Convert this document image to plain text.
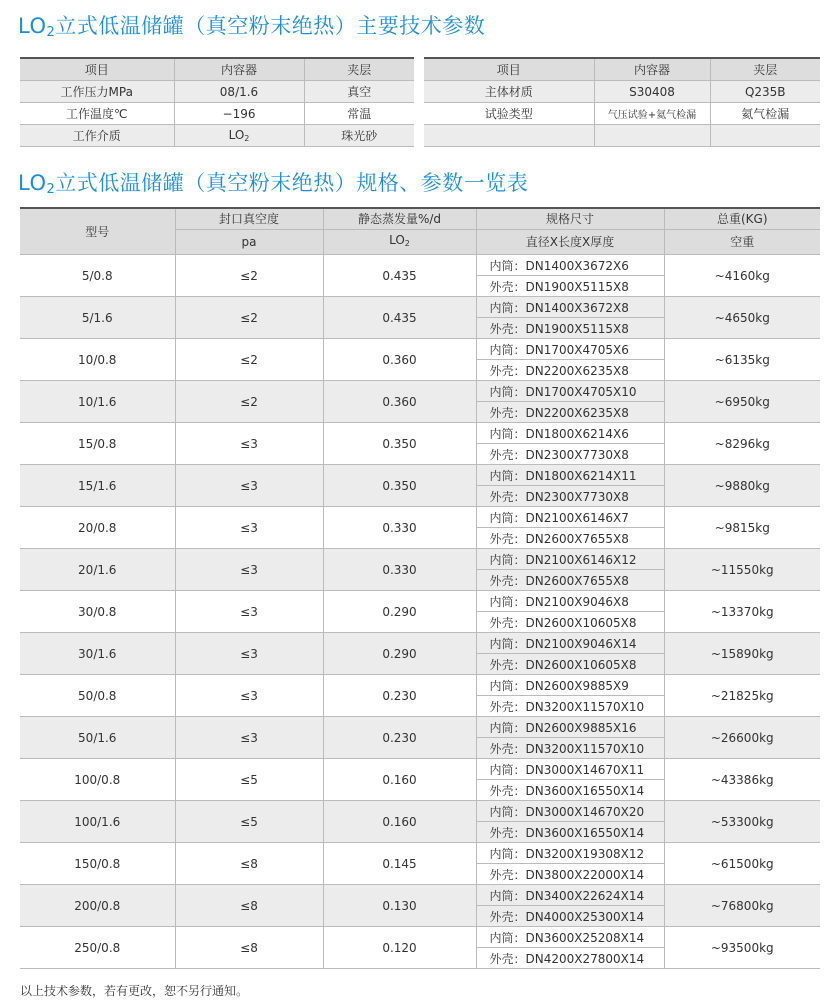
$LO_2$立式低温储罐（真空粉末绝热）主要技术参数
项目	内容器	夹层
工作压力MPa	08/1.6	真空
工作温度℃	−196	常温
工作介质	$LO_2$	珠光砂
项目	内容器	夹层
主体材质	S30408	Q235B
试验类型	气压试验+氦气检漏	氦气检漏

$LO_2$立式低温储罐（真空粉末绝热）规格、参数一览表
型号	封口真空度	静态蒸发量%/d	规格尺寸	总重(KG)
	pa	$LO_2$	直径X长度X厚度	空重
5/0.8	≤2	0.435	内筒：DN1400X3672X6	~4160kg
			外壳：DN1900X5115X8	
5/1.6	≤2	0.435	内筒：DN1400X3672X8	~4650kg
			外壳：DN1900X5115X8	
10/0.8	≤2	0.360	内筒：DN1700X4705X6	~6135kg
			外壳：DN2200X6235X8	
10/1.6	≤2	0.360	内筒：DN1700X4705X10	~6950kg
			外壳：DN2200X6235X8	
15/0.8	≤3	0.350	内筒：DN1800X6214X6	~8296kg
			外壳：DN2300X7730X8	
15/1.6	≤3	0.350	内筒：DN1800X6214X11	~9880kg
			外壳：DN2300X7730X8	
20/0.8	≤3	0.330	内筒：DN2100X6146X7	~9815kg
			外壳：DN2600X7655X8	
20/1.6	≤3	0.330	内筒：DN2100X6146X12	~11550kg
			外壳：DN2600X7655X8	
30/0.8	≤3	0.290	内筒：DN2100X9046X8	~13370kg
			外壳：DN2600X10605X8	
30/1.6	≤3	0.290	内筒：DN2100X9046X14	~15890kg
			外壳：DN2600X10605X8	
50/0.8	≤3	0.230	内筒：DN2600X9885X9	~21825kg
			外壳：DN3200X11570X10	
50/1.6	≤3	0.230	内筒：DN2600X9885X16	~26600kg
			外壳：DN3200X11570X10	
100/0.8	≤5	0.160	内筒：DN3000X14670X11	~43386kg
			外壳：DN3600X16550X14	
100/1.6	≤5	0.160	内筒：DN3000X14670X20	~53300kg
			外壳：DN3600X16550X14	
150/0.8	≤8	0.145	内筒：DN3200X19308X12	~61500kg
			外壳：DN3800X22000X14	
200/0.8	≤8	0.130	内筒：DN3400X22624X14	~76800kg
			外壳：DN4000X25300X14	
250/0.8	≤8	0.120	内筒：DN3600X25208X14	~93500kg
			外壳：DN4200X27800X14	
以上技术参数，若有更改，恕不另行通知。
